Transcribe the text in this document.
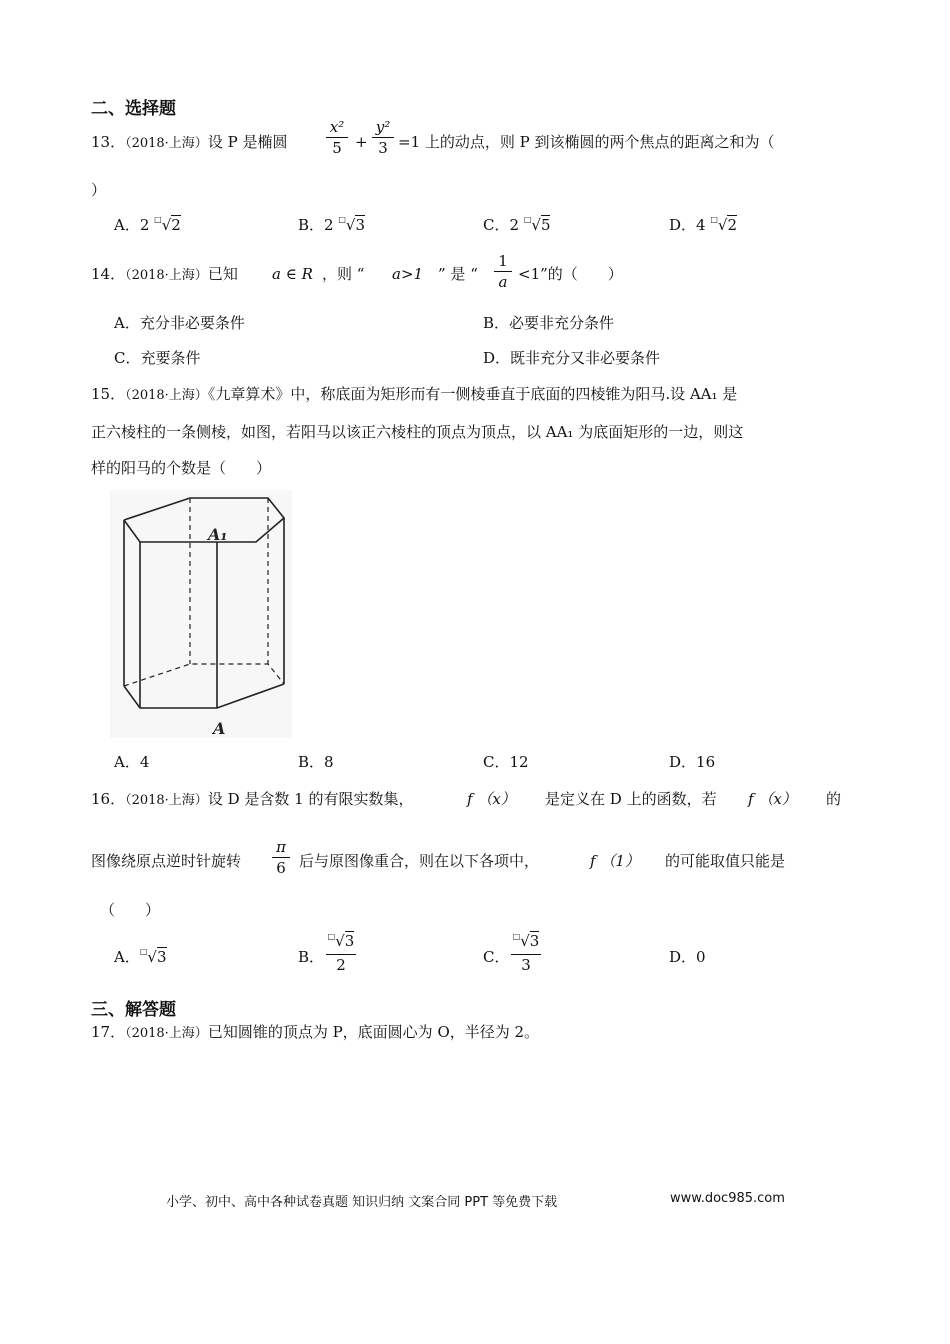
二、选择题
13．（2018·上海）设 P 是椭圆
x²
5 +
y²
3 =1 上的动点，则 P 到该椭圆的两个焦点的距离之和为（
）
A．2 □√2	B．2 □√3	C．2 □√5	D．4 □√2
14．（2018·上海）已知 a ∈ R ，则 “ a>1 ” 是 “
1
a <1”的（　　）
A．充分非必要条件	B．必要非充分条件
C．充要条件	D．既非充分又非必要条件
15．（2018·上海）《九章算术》中，称底面为矩形而有一侧棱垂直于底面的四棱锥为阳马.设 AA₁ 是
正六棱柱的一条侧棱，如图，若阳马以该正六棱柱的顶点为顶点，以 AA₁ 为底面矩形的一边，则这
样的阳马的个数是（　　）
A₁
A
A．4	B．8	C．12	D．16
16．（2018·上海）设 D 是含数 1 的有限实数集，	f （x） 是定义在 D 上的函数，若 f （x） 的
图像绕原点逆时针旋转
π
6 后与原图像重合，则在以下各项中，	f （1） 的可能取值只能是
（　　）
A．□√3	B．
□√3
2	C．
□√3
3	D．0
三、解答题
17．（2018·上海）已知圆锥的顶点为 P，底面圆心为 O，半径为 2。
小学、初中、高中各种试卷真题 知识归纳 文案合同 PPT 等免费下载	www.doc985.com
